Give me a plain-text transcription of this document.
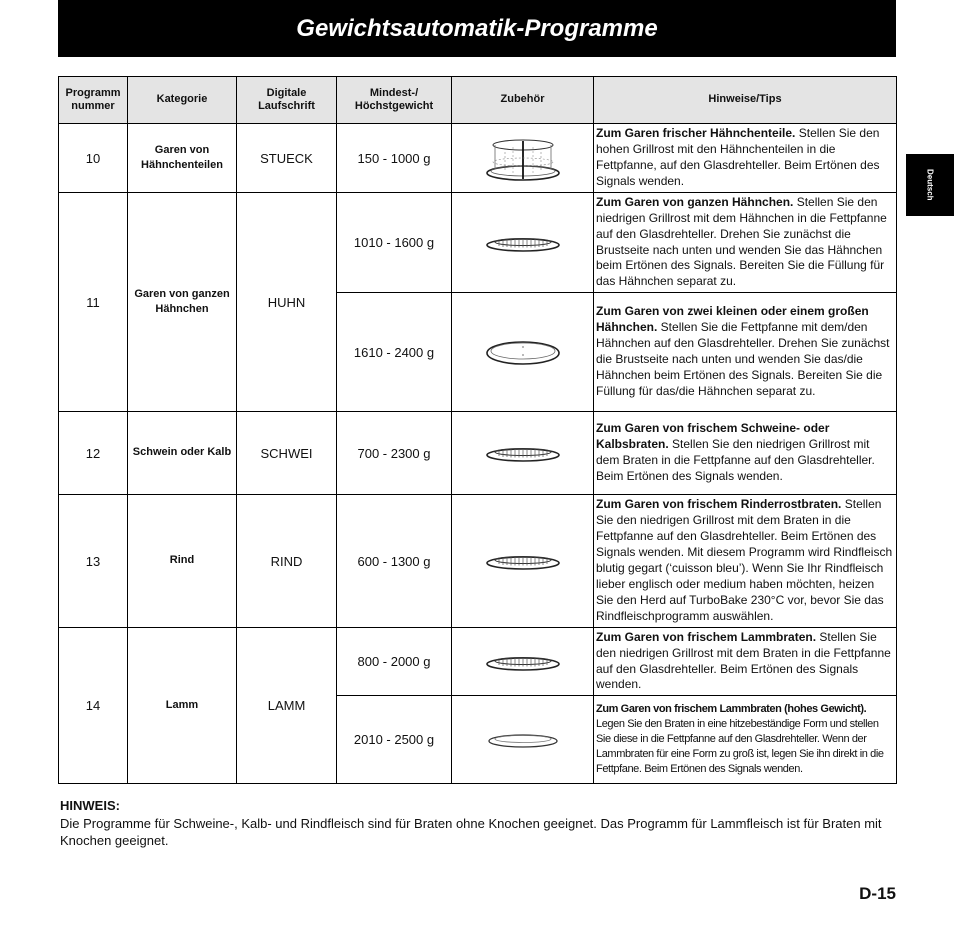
Gewichtsautomatik-Programme
Deutsch
Programm nummer	Kategorie	Digitale Laufschrift	Mindest-/ Höchstgewicht	Zubehör	Hinweise/Tips
10	Garen von Hähnchenteilen	STUECK	150 - 1000 g		Zum Garen frischer Hähnchenteile. Stellen Sie den hohen Grillrost mit den Hähnchenteilen in die Fettpfanne, auf den Glasdrehteller. Beim Ertönen des Signals wenden.
11	Garen von ganzen Hähnchen	HUHN	1010 - 1600 g		Zum Garen von ganzen Hähnchen. Stellen Sie den niedrigen Grillrost mit dem Hähnchen in die Fettpfanne auf den Glasdrehteller. Drehen Sie zunächst die Brustseite nach unten und wenden Sie das Hähnchen beim Ertönen des Signals. Bereiten Sie die Füllung für das Hähnchen separat zu.
			1610 - 2400 g		Zum Garen von zwei kleinen oder einem großen Hähnchen. Stellen Sie die Fettpfanne mit dem/den Hähnchen auf den Glasdrehteller. Drehen Sie zunächst die Brustseite nach unten und wenden Sie das/die Hähnchen beim Ertönen des Signals. Bereiten Sie die Füllung für das/die Hähnchen separat zu.
12	Schwein oder Kalb	SCHWEI	700 - 2300 g		Zum Garen von frischem Schweine- oder Kalbsbraten. Stellen Sie den niedrigen Grillrost mit dem Braten in die Fettpfanne auf den Glasdrehteller. Beim Ertönen des Signals wenden.
13	Rind	RIND	600 - 1300 g		Zum Garen von frischem Rinderrostbraten. Stellen Sie den niedrigen Grillrost mit dem Braten in die Fettpfanne auf den Glasdrehteller. Beim Ertönen des Signals wenden. Mit diesem Programm wird Rindfleisch blutig gegart (‘cuisson bleu’). Wenn Sie Ihr Rindfleisch lieber englisch oder medium haben möchten, heizen Sie den Herd auf TurboBake 230°C vor, bevor Sie das Rindfleischprogramm auswählen.
14	Lamm	LAMM	800 - 2000 g		Zum Garen von frischem Lammbraten. Stellen Sie den niedrigen Grillrost mit dem Braten in die Fettpfanne auf den Glasdrehteller. Beim Ertönen des Signals wenden.
			2010 - 2500 g		Zum Garen von frischem Lammbraten (hohes Gewicht). Legen Sie den Braten in eine hitzebeständige Form und stellen Sie diese in die Fettpfanne auf den Glasdrehteller. Wenn der Lammbraten für eine Form zu groß ist, legen Sie ihn direkt in die Fettpfane. Beim Ertönen des Signals wenden.
HINWEIS:
Die Programme für Schweine-, Kalb- und Rindfleisch sind für Braten ohne Knochen geeignet. Das Programm für Lammfleisch ist für Braten mit Knochen geeignet.
D-15
